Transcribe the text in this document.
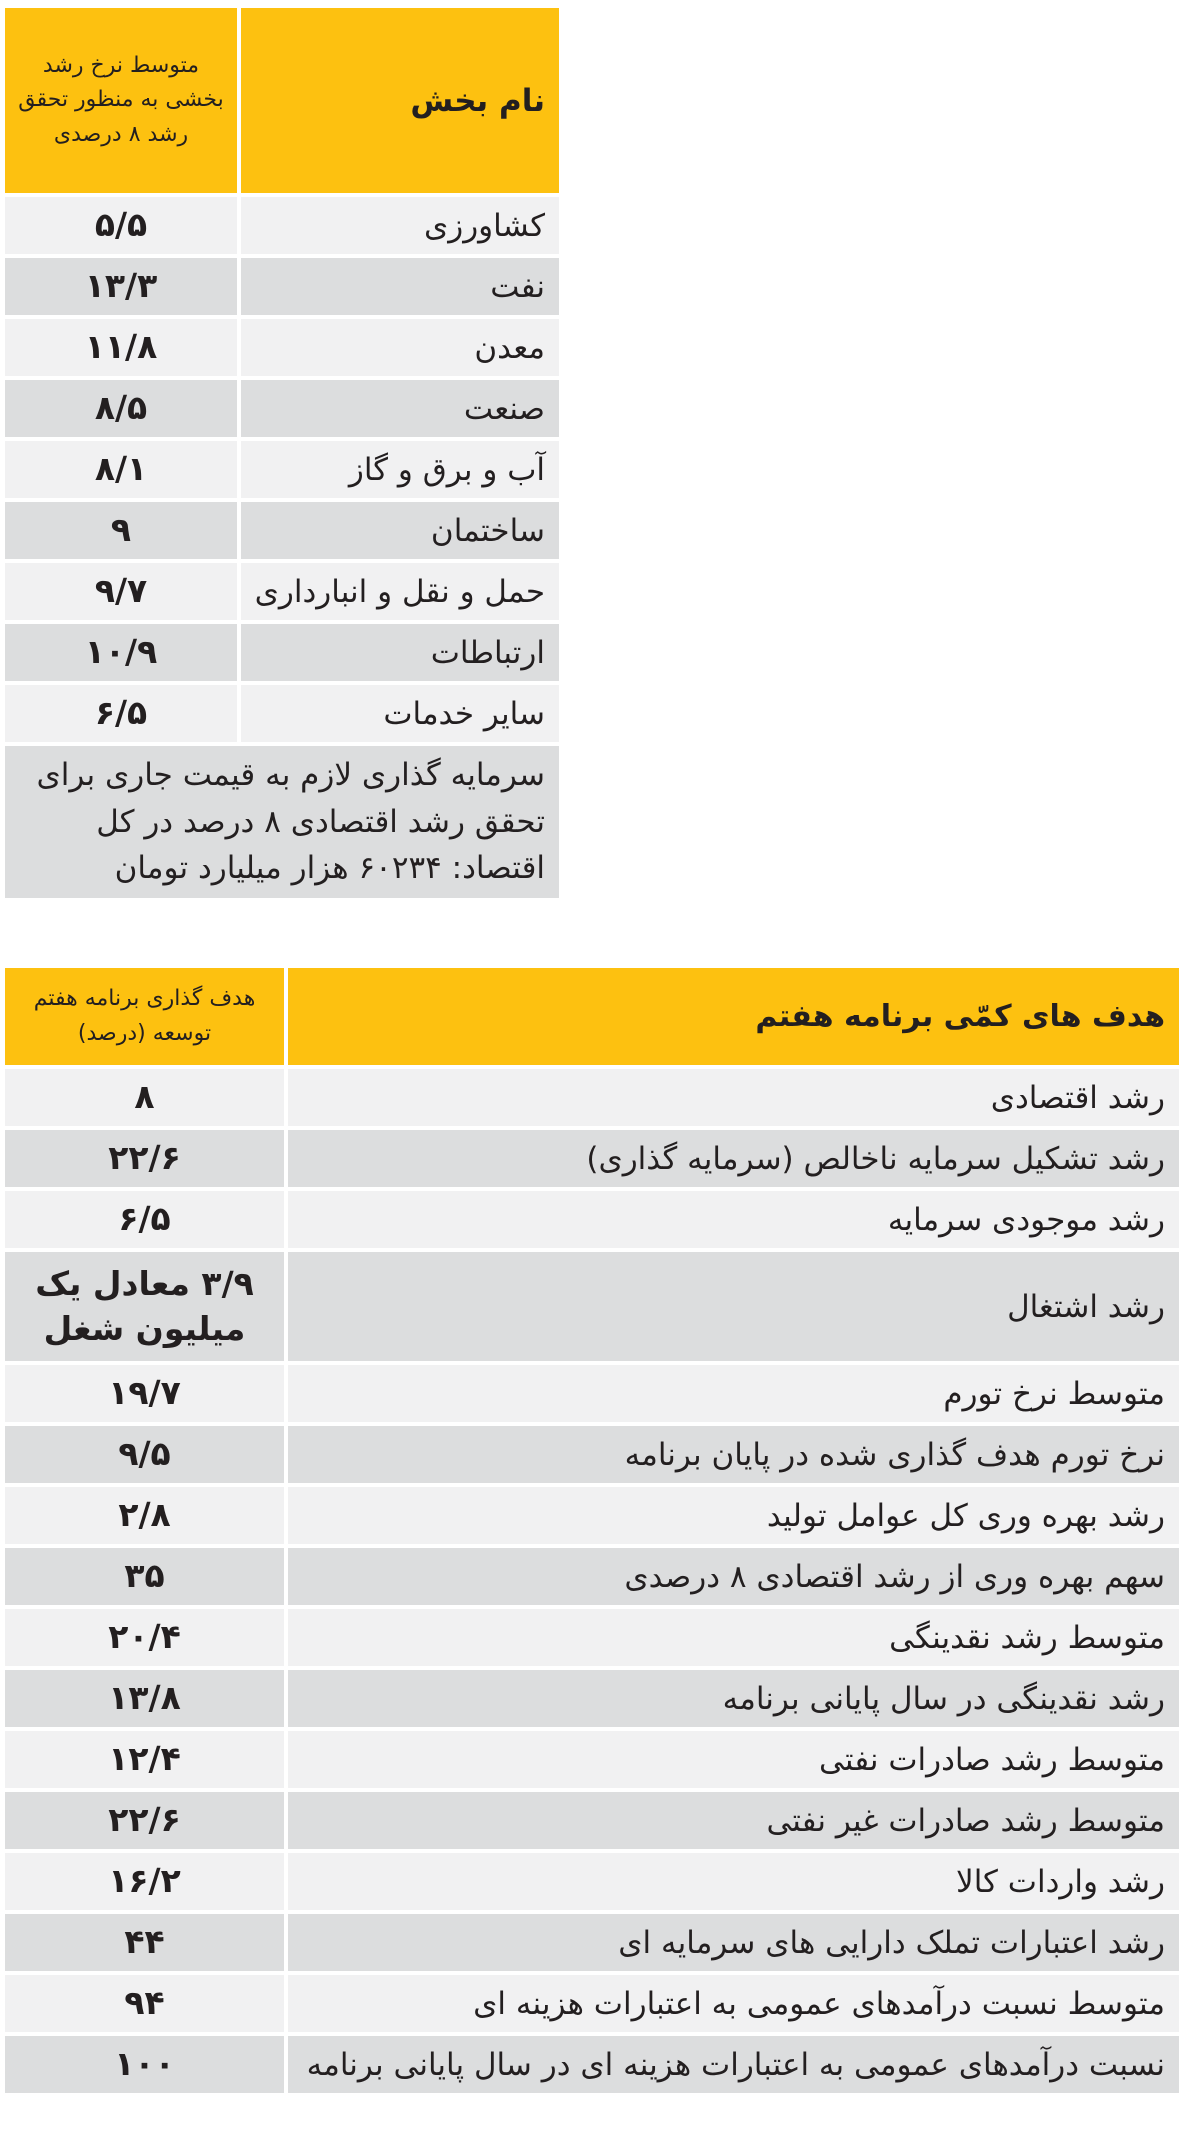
نام بخش
متوسط نرخ رشد بخشی به منظور تحقق رشد ۸ درصدی
کشاورزی
۵/۵
نفت
۱۳/۳
معدن
۱۱/۸
صنعت
۸/۵
آب و برق و گاز
۸/۱
ساختمان
۹
حمل و نقل و انبارداری
۹/۷
ارتباطات
۱۰/۹
سایر خدمات
۶/۵
سرمایه گذاری لازم به قیمت جاری برای تحقق رشد اقتصادی ۸ درصد در کل اقتصاد: ۶۰۲۳۴ هزار میلیارد تومان
هدف های کمّی برنامه هفتم
هدف گذاری برنامه هفتم توسعه (درصد)
رشد اقتصادی
۸
رشد تشکیل سرمایه ناخالص (سرمایه گذاری)
۲۲/۶
رشد موجودی سرمایه
۶/۵
رشد اشتغال
۳/۹ معادل یک میلیون شغل
متوسط نرخ تورم
۱۹/۷
نرخ تورم هدف گذاری شده در پایان برنامه
۹/۵
رشد بهره وری کل عوامل تولید
۲/۸
سهم بهره وری از رشد اقتصادی ۸ درصدی
۳۵
متوسط رشد نقدینگی
۲۰/۴
رشد نقدینگی در سال پایانی برنامه
۱۳/۸
متوسط رشد صادرات نفتی
۱۲/۴
متوسط رشد صادرات غیر نفتی
۲۲/۶
رشد واردات کالا
۱۶/۲
رشد اعتبارات تملک دارایی های سرمایه ای
۴۴
متوسط نسبت درآمدهای عمومی به اعتبارات هزینه ای
۹۴
نسبت درآمدهای عمومی به اعتبارات هزینه ای در سال پایانی برنامه
۱۰۰
